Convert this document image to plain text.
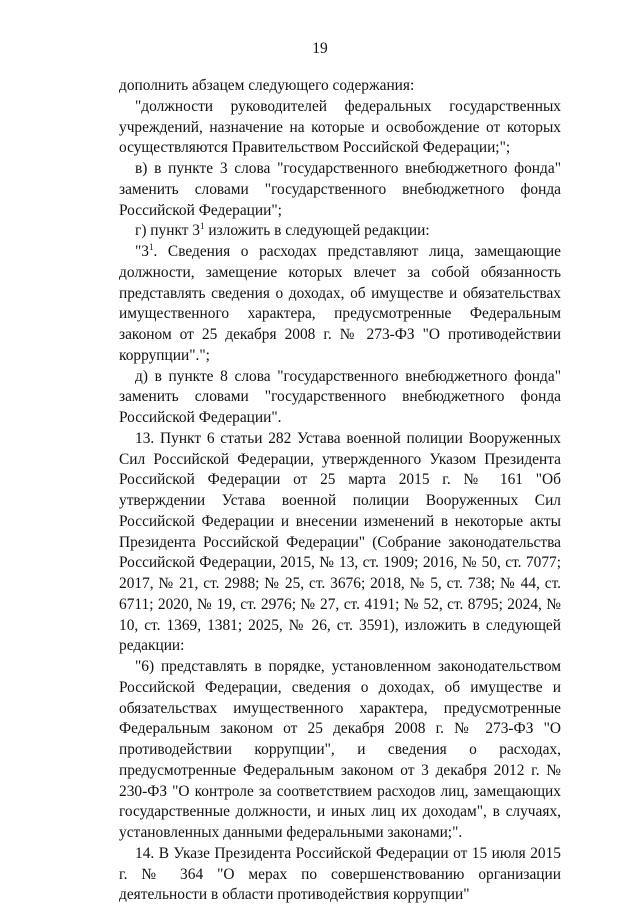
19

дополнить абзацем следующего содержания:

"должности руководителей федеральных государственных учреждений, назначение на которые и освобождение от которых осуществляются Правительством Российской Федерации;";

в) в пункте 3 слова "государственного внебюджетного фонда" заменить словами "государственного внебюджетного фонда Российской Федерации";

г) пункт $3^1$ изложить в следующей редакции:

"$3^1$. Сведения о расходах представляют лица, замещающие должности, замещение которых влечет за собой обязанность представлять сведения о доходах, об имуществе и обязательствах имущественного характера, предусмотренные Федеральным законом от 25 декабря 2008 г. № 273-ФЗ "О противодействии коррупции".";

д) в пункте 8 слова "государственного внебюджетного фонда" заменить словами "государственного внебюджетного фонда Российской Федерации".

13. Пункт 6 статьи 282 Устава военной полиции Вооруженных Сил Российской Федерации, утвержденного Указом Президента Российской Федерации от 25 марта 2015 г. № 161 "Об утверждении Устава военной полиции Вооруженных Сил Российской Федерации и внесении изменений в некоторые акты Президента Российской Федерации" (Собрание законодательства Российской Федерации, 2015, № 13, ст. 1909; 2016, № 50, ст. 7077; 2017, № 21, ст. 2988; № 25, ст. 3676; 2018, № 5, ст. 738; № 44, ст. 6711; 2020, № 19, ст. 2976; № 27, ст. 4191; № 52, ст. 8795; 2024, № 10, ст. 1369, 1381; 2025, № 26, ст. 3591), изложить в следующей редакции:

"6) представлять в порядке, установленном законодательством Российской Федерации, сведения о доходах, об имуществе и обязательствах имущественного характера, предусмотренные Федеральным законом от 25 декабря 2008 г. № 273-ФЗ "О противодействии коррупции", и сведения о расходах, предусмотренные Федеральным законом от 3 декабря 2012 г. № 230-ФЗ "О контроле за соответствием расходов лиц, замещающих государственные должности, и иных лиц их доходам", в случаях, установленных данными федеральными законами;".

14. В Указе Президента Российской Федерации от 15 июля 2015 г. № 364 "О мерах по совершенствованию организации деятельности в области противодействия коррупции"
